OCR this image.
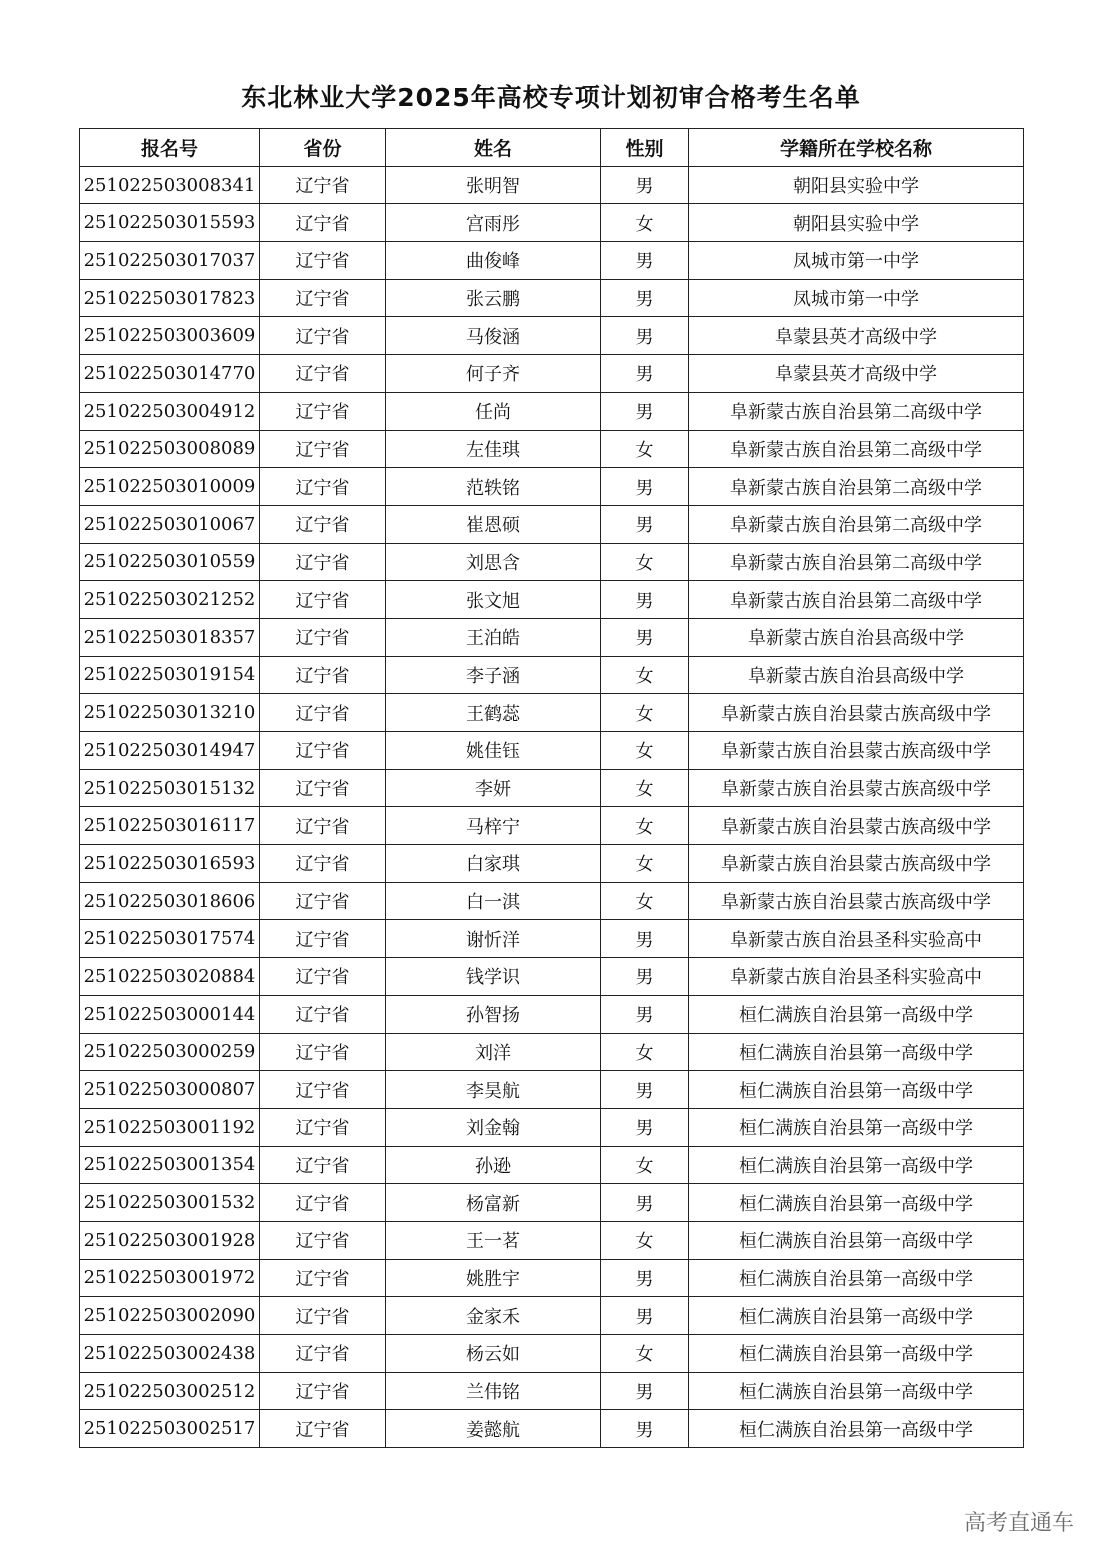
东北林业大学2025年高校专项计划初审合格考生名单
报名号	省份	姓名	性别	学籍所在学校名称
251022503008341	辽宁省	张明智	男	朝阳县实验中学
251022503015593	辽宁省	宫雨彤	女	朝阳县实验中学
251022503017037	辽宁省	曲俊峰	男	凤城市第一中学
251022503017823	辽宁省	张云鹏	男	凤城市第一中学
251022503003609	辽宁省	马俊涵	男	阜蒙县英才高级中学
251022503014770	辽宁省	何子齐	男	阜蒙县英才高级中学
251022503004912	辽宁省	任尚	男	阜新蒙古族自治县第二高级中学
251022503008089	辽宁省	左佳琪	女	阜新蒙古族自治县第二高级中学
251022503010009	辽宁省	范轶铭	男	阜新蒙古族自治县第二高级中学
251022503010067	辽宁省	崔恩硕	男	阜新蒙古族自治县第二高级中学
251022503010559	辽宁省	刘思含	女	阜新蒙古族自治县第二高级中学
251022503021252	辽宁省	张文旭	男	阜新蒙古族自治县第二高级中学
251022503018357	辽宁省	王泊皓	男	阜新蒙古族自治县高级中学
251022503019154	辽宁省	李子涵	女	阜新蒙古族自治县高级中学
251022503013210	辽宁省	王鹤蕊	女	阜新蒙古族自治县蒙古族高级中学
251022503014947	辽宁省	姚佳钰	女	阜新蒙古族自治县蒙古族高级中学
251022503015132	辽宁省	李妍	女	阜新蒙古族自治县蒙古族高级中学
251022503016117	辽宁省	马梓宁	女	阜新蒙古族自治县蒙古族高级中学
251022503016593	辽宁省	白家琪	女	阜新蒙古族自治县蒙古族高级中学
251022503018606	辽宁省	白一淇	女	阜新蒙古族自治县蒙古族高级中学
251022503017574	辽宁省	谢忻洋	男	阜新蒙古族自治县圣科实验高中
251022503020884	辽宁省	钱学识	男	阜新蒙古族自治县圣科实验高中
251022503000144	辽宁省	孙智扬	男	桓仁满族自治县第一高级中学
251022503000259	辽宁省	刘洋	女	桓仁满族自治县第一高级中学
251022503000807	辽宁省	李昊航	男	桓仁满族自治县第一高级中学
251022503001192	辽宁省	刘金翰	男	桓仁满族自治县第一高级中学
251022503001354	辽宁省	孙逊	女	桓仁满族自治县第一高级中学
251022503001532	辽宁省	杨富新	男	桓仁满族自治县第一高级中学
251022503001928	辽宁省	王一茗	女	桓仁满族自治县第一高级中学
251022503001972	辽宁省	姚胜宇	男	桓仁满族自治县第一高级中学
251022503002090	辽宁省	金家禾	男	桓仁满族自治县第一高级中学
251022503002438	辽宁省	杨云如	女	桓仁满族自治县第一高级中学
251022503002512	辽宁省	兰伟铭	男	桓仁满族自治县第一高级中学
251022503002517	辽宁省	姜懿航	男	桓仁满族自治县第一高级中学
高考直通车
